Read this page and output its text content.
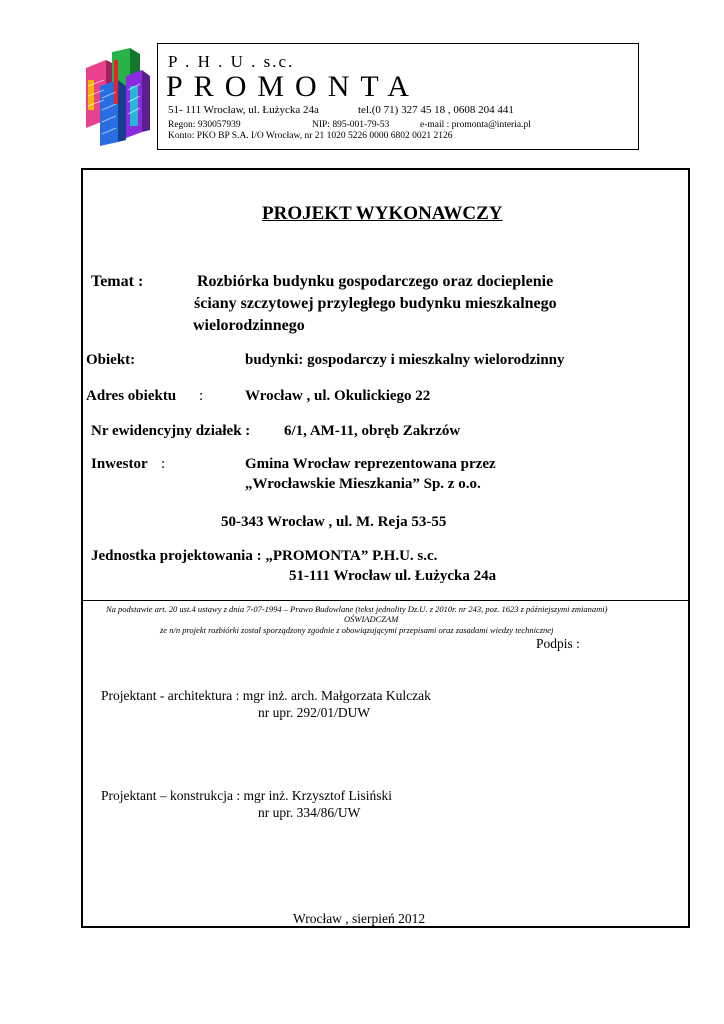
P . H . U . s.c.
PROMONTA
51- 111 Wrocław, ul. Łużycka 24a	tel.(0 71) 327 45 18 , 0608 204 441
Regon: 930057939	NIP: 895-001-79-53	e-mail : promonta@interia.pl
Konto: PKO BP S.A. I/O Wrocław, nr 21 1020 5226 0000 6802 0021 2126
PROJEKT WYKONAWCZY
Temat :	Rozbiórka budynku gospodarczego oraz docieplenie
ściany szczytowej przyległego budynku mieszkalnego
wielorodzinnego
Obiekt:	budynki: gospodarczy i mieszkalny wielorodzinny
Adres obiektu :	Wrocław , ul. Okulickiego 22
Nr ewidencyjny działek : 6/1, AM-11, obręb Zakrzów
Inwestor :	Gmina Wrocław reprezentowana przez
„Wrocławskie Mieszkania” Sp. z o.o.
50-343 Wrocław , ul. M. Reja 53-55
Jednostka projektowania : „PROMONTA” P.H.U. s.c.
51-111 Wrocław ul. Łużycka 24a
Na podstawie art. 20 ust.4 ustawy z dnia 7-07-1994 – Prawo Budowlane (tekst jednolity Dz.U. z 2010r. nr 243, poz. 1623 z późniejszymi zmianami)
OŚWIADCZAM
że n/n projekt rozbiórki został sporządzony zgodnie z obowiązującymi przepisami oraz zasadami wiedzy technicznej
Podpis :
Projektant - architektura : mgr inż. arch. Małgorzata Kulczak
nr upr. 292/01/DUW
Projektant – konstrukcja : mgr inż. Krzysztof Lisiński
nr upr. 334/86/UW
Wrocław , sierpień 2012
